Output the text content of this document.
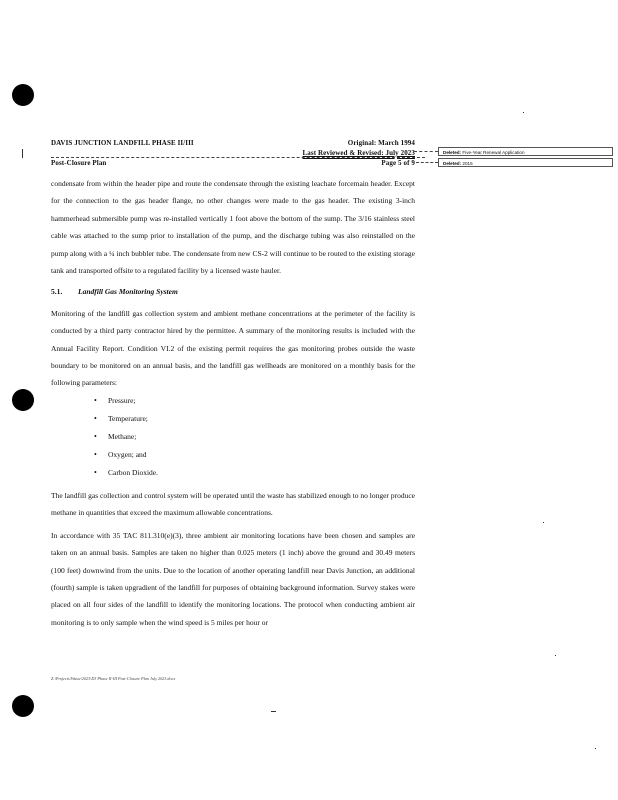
DAVIS JUNCTION LANDFILL PHASE II/III
Post-Closure Plan
Original: March 1994
Last Reviewed & Revised: July 2023
Page 5 of 9
Deleted: Five-Year Renewal Application
Deleted: 2015

condensate from within the header pipe and route the condensate through the existing leachate forcemain header. Except for the connection to the gas header flange, no other changes were made to the gas header. The existing 3-inch hammerhead submersible pump was re-installed vertically 1 foot above the bottom of the sump. The 3/16 stainless steel cable was attached to the sump prior to installation of the pump, and the discharge tubing was also reinstalled on the pump along with a ¼ inch bubbler tube. The condensate from new CS-2 will continue to be routed to the existing storage tank and transported offsite to a regulated facility by a licensed waste hauler.

5.1. Landfill Gas Monitoring System

Monitoring of the landfill gas collection system and ambient methane concentrations at the perimeter of the facility is conducted by a third party contractor hired by the permittee. A summary of the monitoring results is included with the Annual Facility Report. Condition VI.2 of the existing permit requires the gas monitoring probes outside the waste boundary to be monitored on an annual basis, and the landfill gas wellheads are monitored on a monthly basis for the following parameters:

• Pressure;
• Temperature;
• Methane;
• Oxygen; and
• Carbon Dioxide.

The landfill gas collection and control system will be operated until the waste has stabilized enough to no longer produce methane in quantities that exceed the maximum allowable concentrations.

In accordance with 35 TAC 811.310(e)(3), three ambient air monitoring locations have been chosen and samples are taken on an annual basis. Samples are taken no higher than 0.025 meters (1 inch) above the ground and 30.49 meters (100 feet) downwind from the units. Due to the location of another operating landfill near Davis Junction, an additional (fourth) sample is taken upgradient of the landfill for purposes of obtaining background information. Survey stakes were placed on all four sides of the landfill to identify the monitoring locations. The protocol when conducting ambient air monitoring is to only sample when the wind speed is 5 miles per hour or

Z:\Projects\Waste\2023\DJ Phase II-III Post-Closure Plan July 2023.docx
